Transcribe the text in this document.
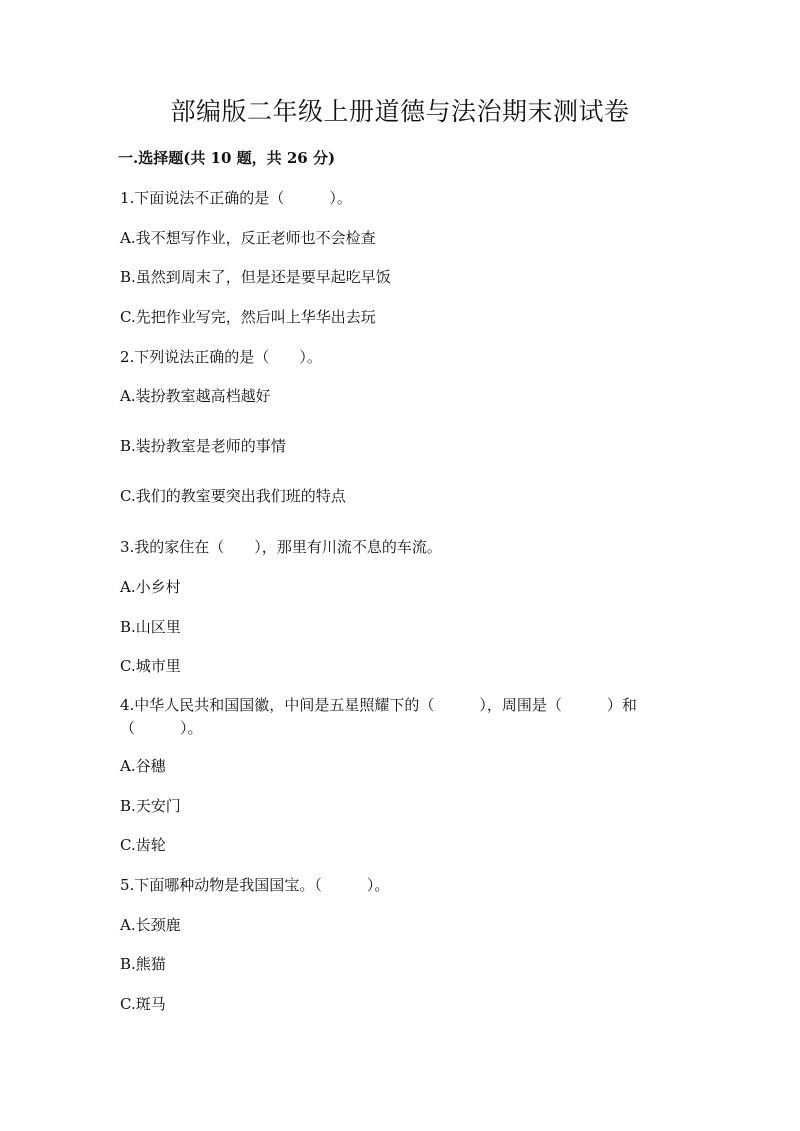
部编版二年级上册道德与法治期末测试卷
一.选择题(共 10 题，共 26 分)
1.下面说法不正确的是（　　　）。
A.我不想写作业，反正老师也不会检查
B.虽然到周末了，但是还是要早起吃早饭
C.先把作业写完，然后叫上华华出去玩
2.下列说法正确的是（　　）。
A.装扮教室越高档越好
B.装扮教室是老师的事情
C.我们的教室要突出我们班的特点
3.我的家住在（　　），那里有川流不息的车流。
A.小乡村
B.山区里
C.城市里
4.中华人民共和国国徽，中间是五星照耀下的（　　　），周围是（　　　）和（　　　）。
A.谷穗
B.天安门
C.齿轮
5.下面哪种动物是我国国宝。（　　　）。
A.长颈鹿
B.熊猫
C.斑马
